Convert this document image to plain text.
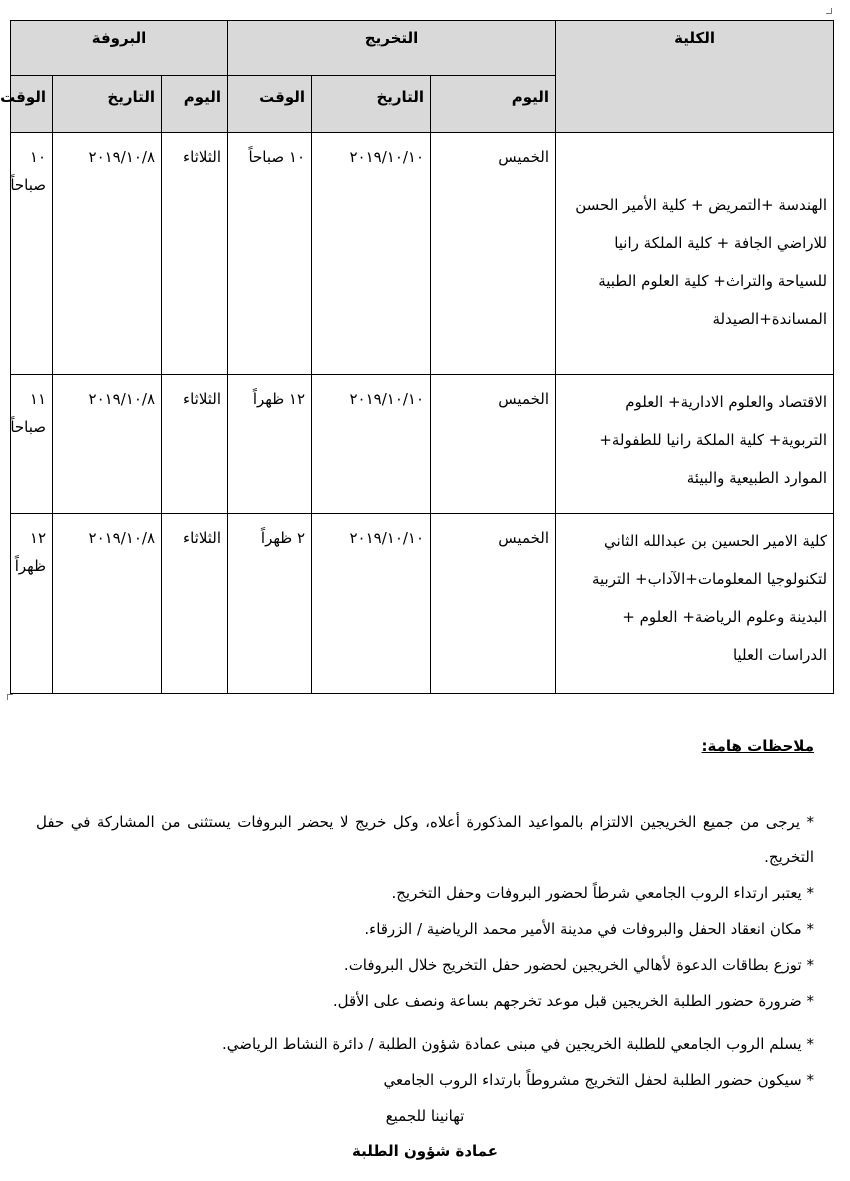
الكلية	التخريج			البروفة		

	اليوم	التاريخ	الوقت	اليوم	التاريخ	الوقت

الهندسة +التمريض + كلية الأمير الحسن للاراضي الجافة + كلية الملكة رانيا للسياحة والتراث+ كلية العلوم الطبية المساندة+الصيدلة	الخميس	٢٠١٩/١٠/١٠	١٠ صباحاً	الثلاثاء	٢٠١٩/١٠/٨	١٠ صباحاً

الاقتصاد والعلوم الادارية+ العلوم التربوية+ كلية الملكة رانيا للطفولة+ الموارد الطبيعية والبيئة	الخميس	٢٠١٩/١٠/١٠	١٢ ظهراً	الثلاثاء	٢٠١٩/١٠/٨	١١ صباحاً

كلية الامير الحسين بن عبدالله الثاني لتكنولوجيا المعلومات+الآداب+ التربية البدينة وعلوم الرياضة+ العلوم + الدراسات العليا	الخميس	٢٠١٩/١٠/١٠	٢ ظهراً	الثلاثاء	٢٠١٩/١٠/٨	١٢ ظهراً
ملاحظات هامة:
* يرجى من جميع الخريجين الالتزام بالمواعيد المذكورة أعلاه، وكل خريج لا يحضر البروفات يستثنى من المشاركة في حفل التخريج.
* يعتبر ارتداء الروب الجامعي شرطاً لحضور البروفات وحفل التخريج.
* مكان انعقاد الحفل والبروفات في مدينة الأمير محمد الرياضية / الزرقاء.
* توزع بطاقات الدعوة لأهالي الخريجين لحضور حفل التخريج خلال البروفات.
* ضرورة حضور الطلبة الخريجين قبل موعد تخرجهم بساعة ونصف على الأقل.
* يسلم الروب الجامعي للطلبة الخريجين في مبنى عمادة شؤون الطلبة / دائرة النشاط الرياضي.
* سيكون حضور الطلبة لحفل التخريج مشروطاً بارتداء الروب الجامعي
تهانينا للجميع
عمادة شؤون الطلبة
